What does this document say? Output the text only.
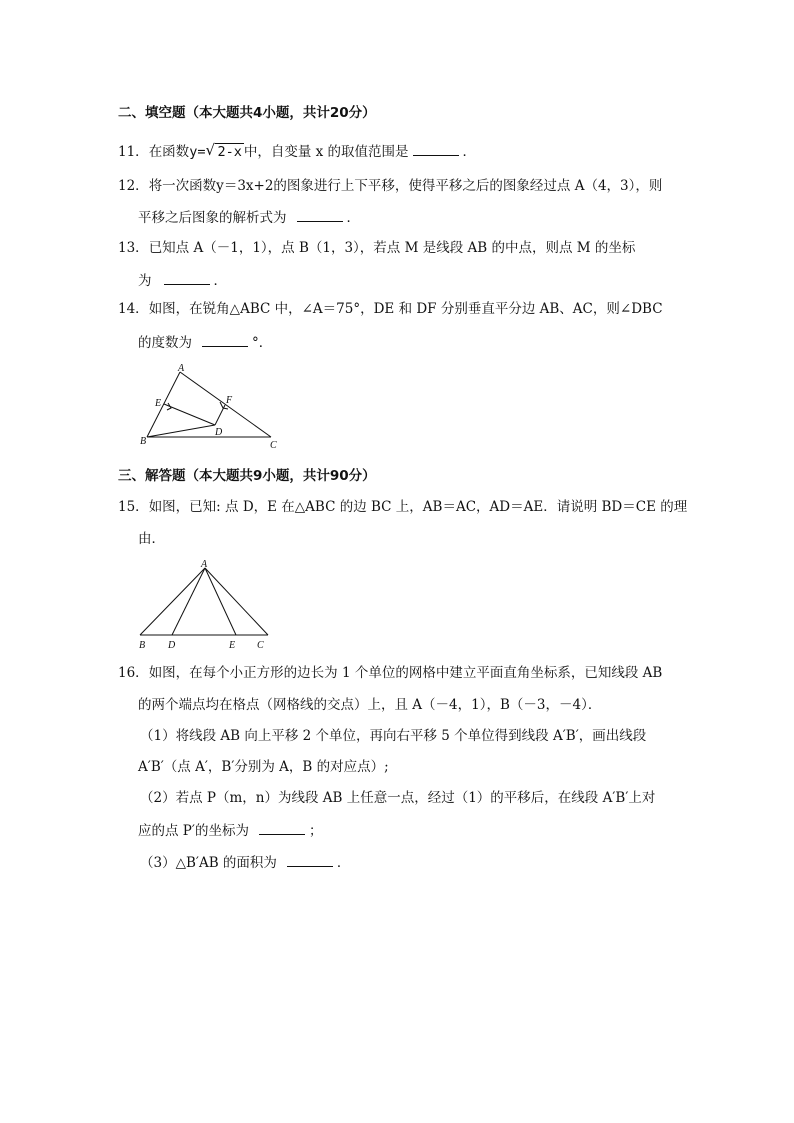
二、填空题（本大题共4小题，共计20分）
11．在函数y= √ 2-x 中，自变量 x 的取值范围是	．
12．将一次函数y＝3x+2的图象进行上下平移，使得平移之后的图象经过点 A（4，3），则
平移之后图象的解析式为	．
13．已知点 A（－1，1），点 B（1，3），若点 M 是线段 AB 的中点，则点 M 的坐标
为	．
14．如图，在锐角△ABC 中，∠A＝75°，DE 和 DF 分别垂直平分边 AB、AC，则∠DBC
的度数为	°．
A
E	F
D
B	C
三、解答题（本大题共9小题，共计90分）
15．如图，已知: 点 D，E 在△ABC 的边 BC 上，AB＝AC，AD＝AE．请说明 BD＝CE 的理
由．
A
B D	E C
16．如图，在每个小正方形的边长为 1 个单位的网格中建立平面直角坐标系，已知线段 AB
的两个端点均在格点（网格线的交点）上，且 A（－4，1），B（－3，－4）．
（1）将线段 AB 向上平移 2 个单位，再向右平移 5 个单位得到线段 A′B′，画出线段
A′B′（点 A′，B′分别为 A，B 的对应点）;
（2）若点 P（m，n）为线段 AB 上任意一点，经过（1）的平移后，在线段 A′B′上对
应的点 P′的坐标为	；
（3）△B′AB 的面积为	．
